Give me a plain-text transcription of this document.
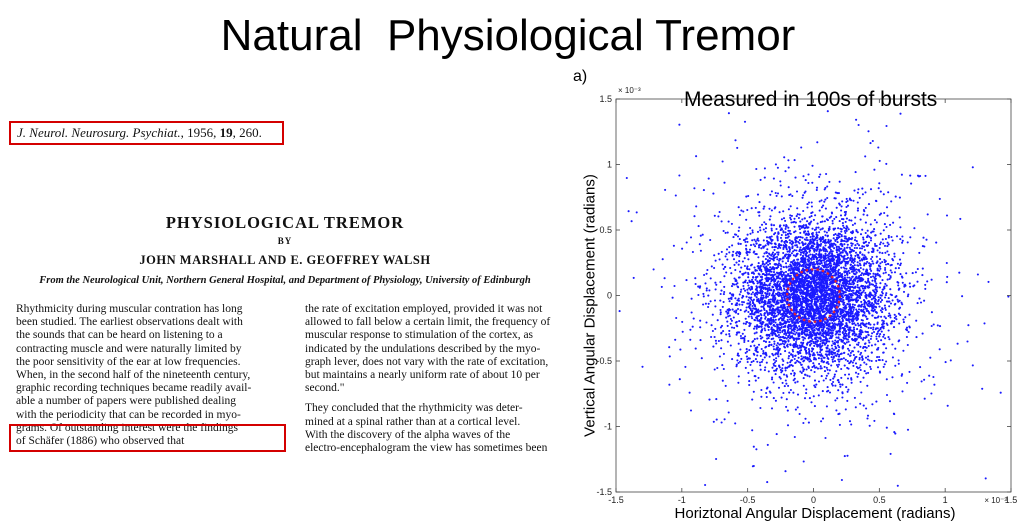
Natural  Physiological Tremor
J. Neurol. Neurosurg. Psychiat., 1956, 19, 260.
PHYSIOLOGICAL TREMOR
BY
JOHN MARSHALL AND E. GEOFFREY WALSH
From the Neurological Unit, Northern General Hospital, and Department of Physiology, University of Edinburgh
Rhythmicity during muscular contration has long
been studied. The earliest observations dealt with
the sounds that can be heard on listening to a
contracting muscle and were naturally limited by
the poor sensitivity of the ear at low frequencies.
When, in the second half of the nineteenth century,
graphic recording techniques became readily avail-
able a number of papers were published dealing
with the periodicity that can be recorded in myo-
grams. Of outstanding interest were the findings
of Schäfer (1886) who observed that
the rate of excitation employed, provided it was not
allowed to fall below a certain limit, the frequency of
muscular response to stimulation of the cortex, as
indicated by the undulations described by the myo-
graph lever, does not vary with the rate of excitation,
but maintains a nearly uniform rate of about 10 per
second."
They concluded that the rhythmicity was deter-
mined at a spinal rather than at a cortical level.
With the discovery of the alpha waves of the
electro-encephalogram the view has sometimes been
a)
-1.5	-1	-0.5	0	0.5	1	1.5
-1.5
-1
-0.5
0
0.5
1
1.5
× 10⁻³
× 10⁻³
Measured in 100s of bursts
Horiztonal Angular Displacement (radians)
Vertical Angular Displacement (radians)
